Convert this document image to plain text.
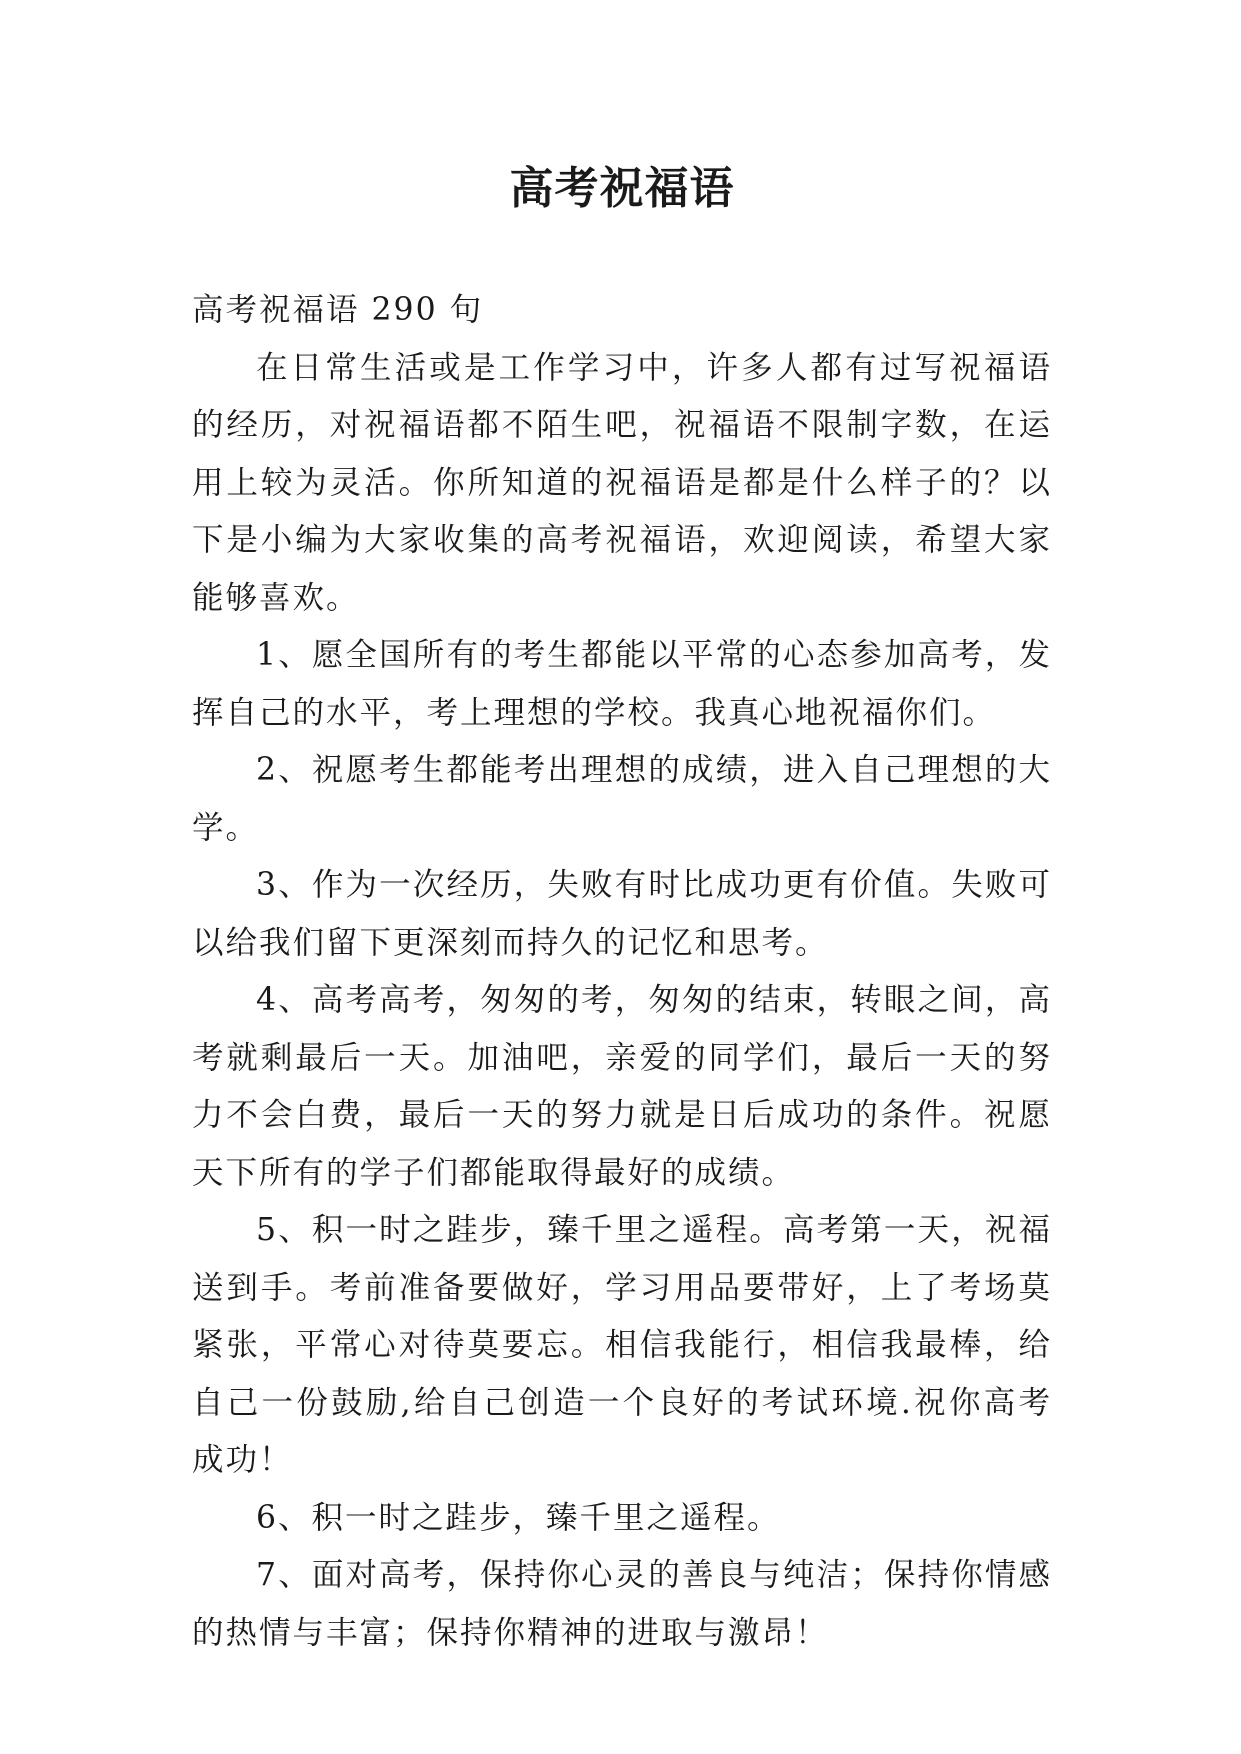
高考祝福语

高考祝福语 290 句

在日常生活或是工作学习中，许多人都有过写祝福语的经历，对祝福语都不陌生吧，祝福语不限制字数，在运用上较为灵活。你所知道的祝福语是都是什么样子的？以下是小编为大家收集的高考祝福语，欢迎阅读，希望大家能够喜欢。

1、愿全国所有的考生都能以平常的心态参加高考，发挥自己的水平，考上理想的学校。我真心地祝福你们。

2、祝愿考生都能考出理想的成绩，进入自己理想的大学。

3、作为一次经历，失败有时比成功更有价值。失败可以给我们留下更深刻而持久的记忆和思考。

4、高考高考，匆匆的考，匆匆的结束，转眼之间，高考就剩最后一天。加油吧，亲爱的同学们，最后一天的努力不会白费，最后一天的努力就是日后成功的条件。祝愿天下所有的学子们都能取得最好的成绩。

5、积一时之跬步，臻千里之遥程。高考第一天，祝福送到手。考前准备要做好，学习用品要带好，上了考场莫紧张，平常心对待莫要忘。相信我能行，相信我最棒，给自己一份鼓励,给自己创造一个良好的考试环境.祝你高考成功！

6、积一时之跬步，臻千里之遥程。

7、面对高考，保持你心灵的善良与纯洁；保持你情感的热情与丰富；保持你精神的进取与激昂！
